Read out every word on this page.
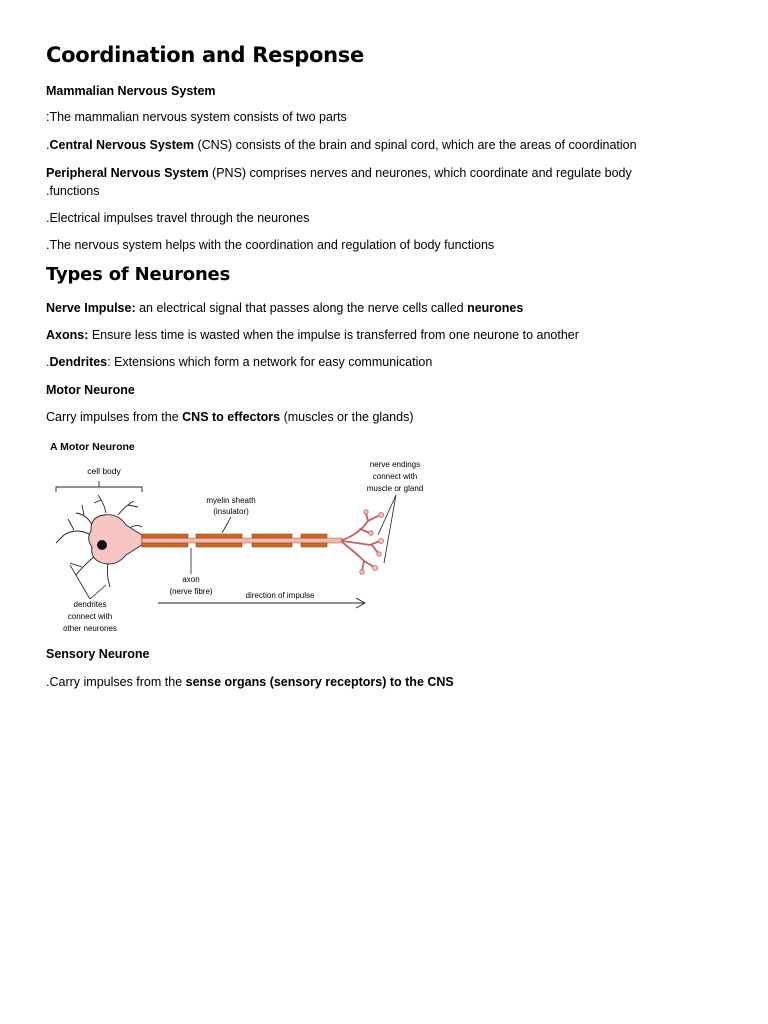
Coordination and Response
Mammalian Nervous System
:The mammalian nervous system consists of two parts
.Central Nervous System (CNS) consists of the brain and spinal cord, which are the areas of coordination
Peripheral Nervous System (PNS) comprises nerves and neurones, which coordinate and regulate body
.functions
.Electrical impulses travel through the neurones
.The nervous system helps with the coordination and regulation of body functions
Types of Neurones
Nerve Impulse: an electrical signal that passes along the nerve cells called neurones
Axons: Ensure less time is wasted when the impulse is transferred from one neurone to another
.Dendrites: Extensions which form a network for easy communication
Motor Neurone
Carry impulses from the CNS to effectors (muscles or the glands)
A Motor Neurone
cell body
myelin sheath
(insulator)
nerve endings
connect with
muscle or gland
axon
(nerve fibre)	direction of impulse
dendrites
connect with
other neurones
Sensory Neurone
.Carry impulses from the sense organs (sensory receptors) to the CNS
